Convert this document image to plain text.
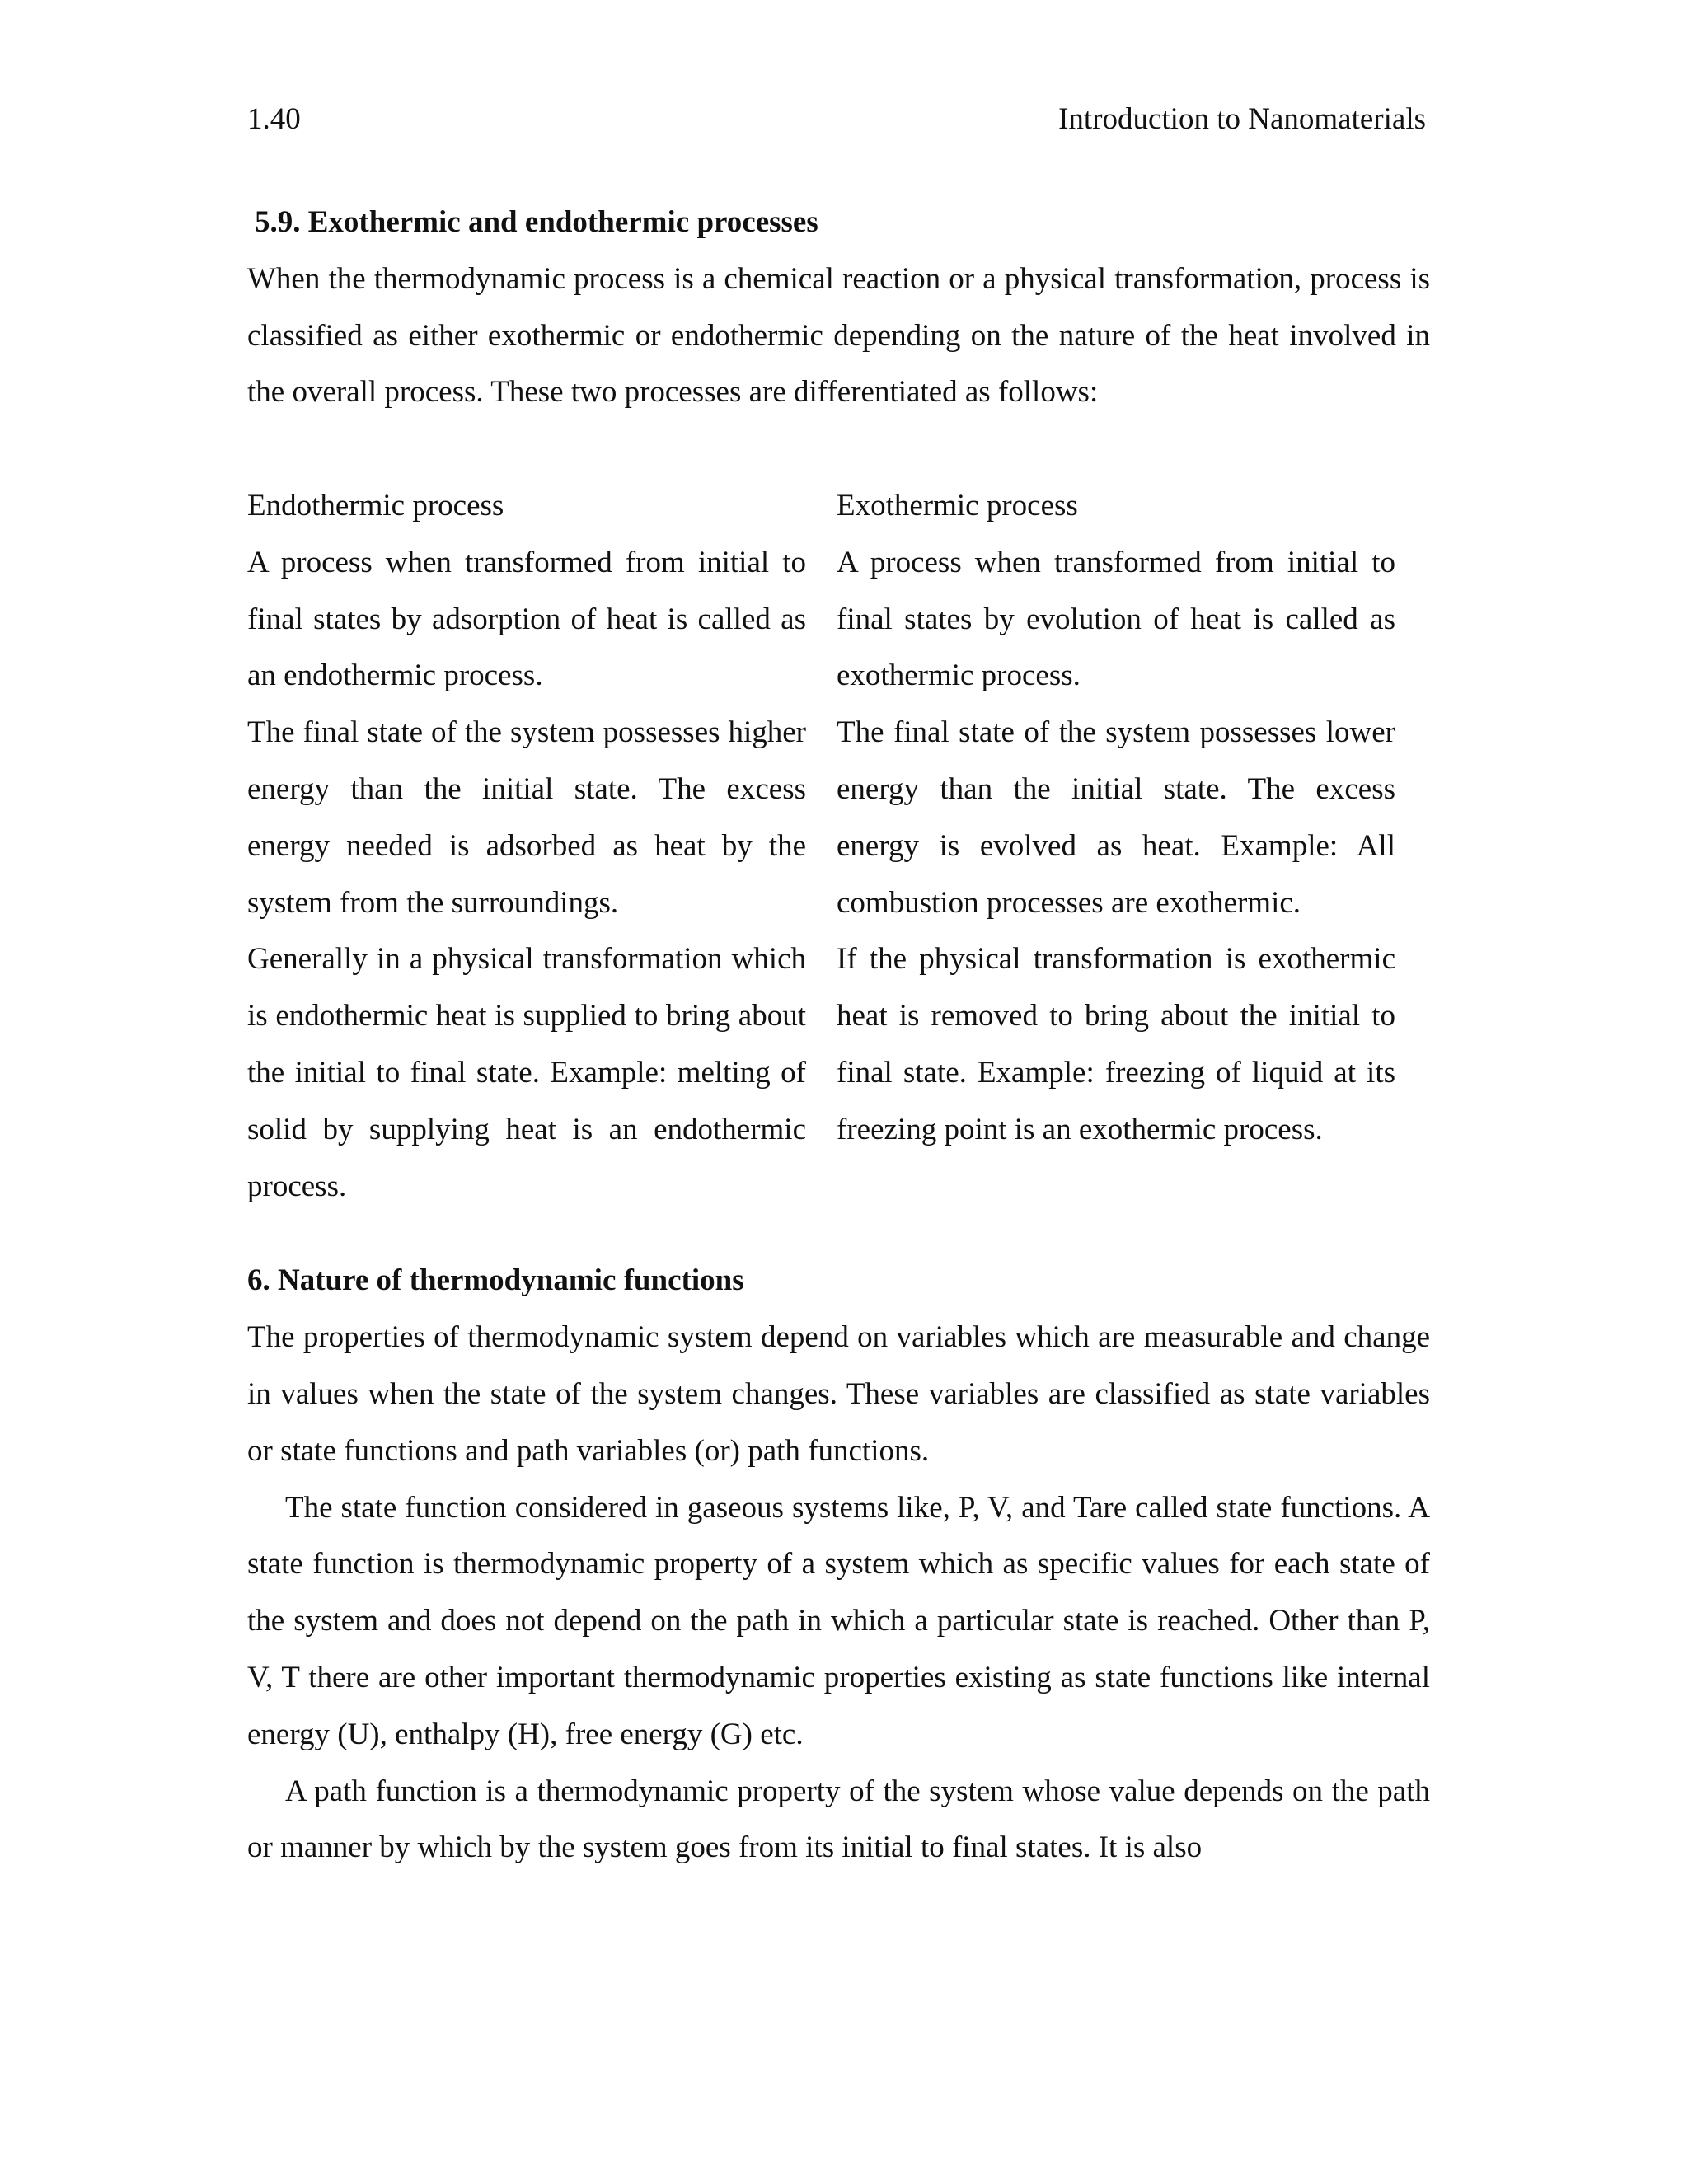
1.40	Introduction to Nanomaterials
5.9. Exothermic and endothermic processes

When the thermodynamic process is a chemical reaction or a physical transformation, process is classified as either exothermic or endothermic depending on the nature of the heat involved in the overall process. These two processes are differentiated as follows:

Endothermic process	Exothermic process
A process when transformed from initial to final states by adsorption of heat is called as an endothermic process.
A process when transformed from initial to final states by evolution of heat is called as exothermic process.
The final state of the system possesses higher energy than the initial state. The excess energy needed is adsorbed as heat by the system from the surroundings.
The final state of the system possesses lower energy than the initial state. The excess energy is evolved as heat. Example: All combustion processes are exothermic.
Generally in a physical transformation which is endothermic heat is supplied to bring about the initial to final state. Example: melting of solid by supplying heat is an endothermic process.
If the physical transformation is exothermic heat is removed to bring about the initial to final state. Example: freezing of liquid at its freezing point is an exothermic process.
6. Nature of thermodynamic functions

The properties of thermodynamic system depend on variables which are measurable and change in values when the state of the system changes. These variables are classified as state variables or state functions and path variables (or) path functions.

The state function considered in gaseous systems like, P, V, and Tare called state functions. A state function is thermodynamic property of a system which as specific values for each state of the system and does not depend on the path in which a particular state is reached. Other than P, V, T there are other important thermodynamic properties existing as state functions like internal energy (U), enthalpy (H), free energy (G) etc.

A path function is a thermodynamic property of the system whose value depends on the path or manner by which by the system goes from its initial to final states. It is also
